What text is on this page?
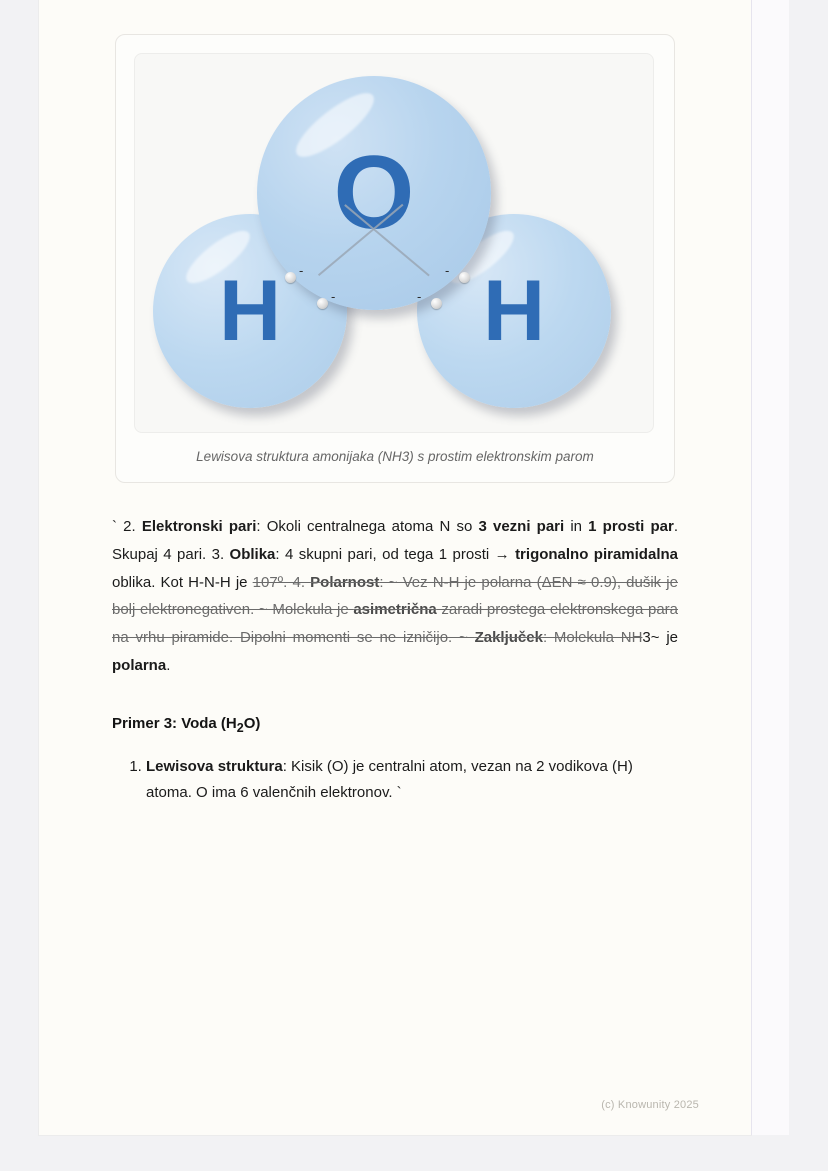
H H
O
-
-
-
-
Lewisova struktura amonijaka (NH3) s prostim elektronskim parom

` 2. Elektronski pari: Okoli centralnega atoma N so 3 vezni pari in 1 prosti par. Skupaj 4 pari. 3. Oblika: 4 skupni pari, od tega 1 prosti → trigonalno piramidalna oblika. Kot H-N-H je 107º. 4. Polarnost: ~ Vez N-H je polarna (ΔEN ≈ 0.9), dušik je bolj elektronegativen. ~ Molekula je asimetrična zaradi prostega elektronskega para na vrhu piramide. Dipolni momenti se ne izničijo. ~ Zaključek: Molekula NH3~ je polarna.

Primer 3: Voda $(H_2O)$

1. Lewisova struktura: Kisik (O) je centralni atom, vezan na 2 vodikova (H) atoma. O ima 6 valenčnih elektronov. `
(c) Knowunity 2025
